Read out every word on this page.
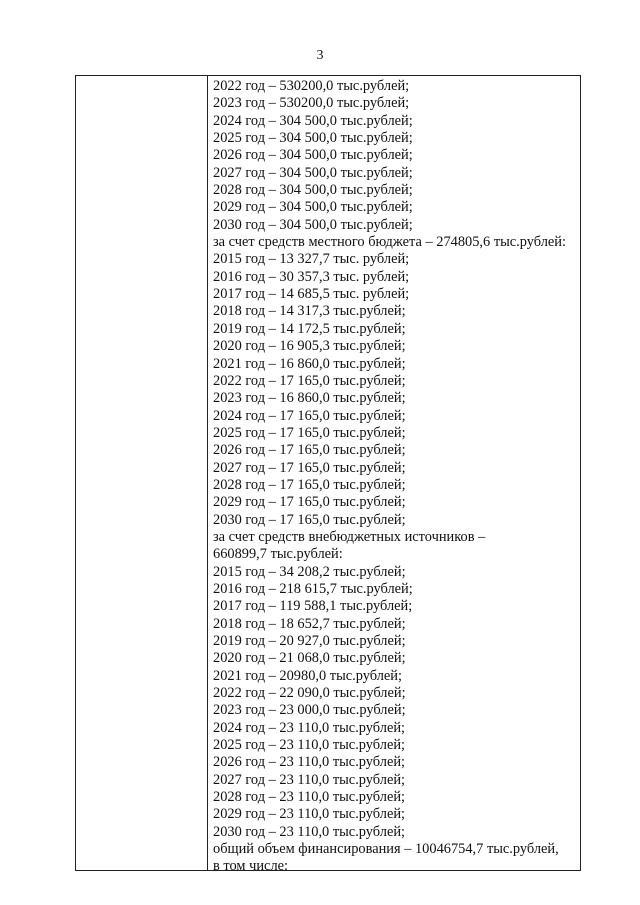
3
2022 год – 530200,0 тыс.рублей;
2023 год – 530200,0 тыс.рублей;
2024 год – 304 500,0 тыс.рублей;
2025 год – 304 500,0 тыс.рублей;
2026 год – 304 500,0 тыс.рублей;
2027 год – 304 500,0 тыс.рублей;
2028 год – 304 500,0 тыс.рублей;
2029 год – 304 500,0 тыс.рублей;
2030 год – 304 500,0 тыс.рублей;
за счет средств местного бюджета – 274805,6 тыс.рублей:
2015 год – 13 327,7 тыс. рублей;
2016 год – 30 357,3 тыс. рублей;
2017 год – 14 685,5 тыс. рублей;
2018 год – 14 317,3 тыс.рублей;
2019 год – 14 172,5 тыс.рублей;
2020 год – 16 905,3 тыс.рублей;
2021 год – 16 860,0 тыс.рублей;
2022 год – 17 165,0 тыс.рублей;
2023 год – 16 860,0 тыс.рублей;
2024 год – 17 165,0 тыс.рублей;
2025 год – 17 165,0 тыс.рублей;
2026 год – 17 165,0 тыс.рублей;
2027 год – 17 165,0 тыс.рублей;
2028 год – 17 165,0 тыс.рублей;
2029 год – 17 165,0 тыс.рублей;
2030 год – 17 165,0 тыс.рублей;
за счет средств внебюджетных источников –
660899,7 тыс.рублей:
2015 год – 34 208,2 тыс.рублей;
2016 год – 218 615,7 тыс.рублей;
2017 год – 119 588,1 тыс.рублей;
2018 год – 18 652,7 тыс.рублей;
2019 год – 20 927,0 тыс.рублей;
2020 год – 21 068,0 тыс.рублей;
2021 год – 20980,0 тыс.рублей;
2022 год – 22 090,0 тыс.рублей;
2023 год – 23 000,0 тыс.рублей;
2024 год – 23 110,0 тыс.рублей;
2025 год – 23 110,0 тыс.рублей;
2026 год – 23 110,0 тыс.рублей;
2027 год – 23 110,0 тыс.рублей;
2028 год – 23 110,0 тыс.рублей;
2029 год – 23 110,0 тыс.рублей;
2030 год – 23 110,0 тыс.рублей;
общий объем финансирования – 10046754,7 тыс.рублей,
в том числе:
